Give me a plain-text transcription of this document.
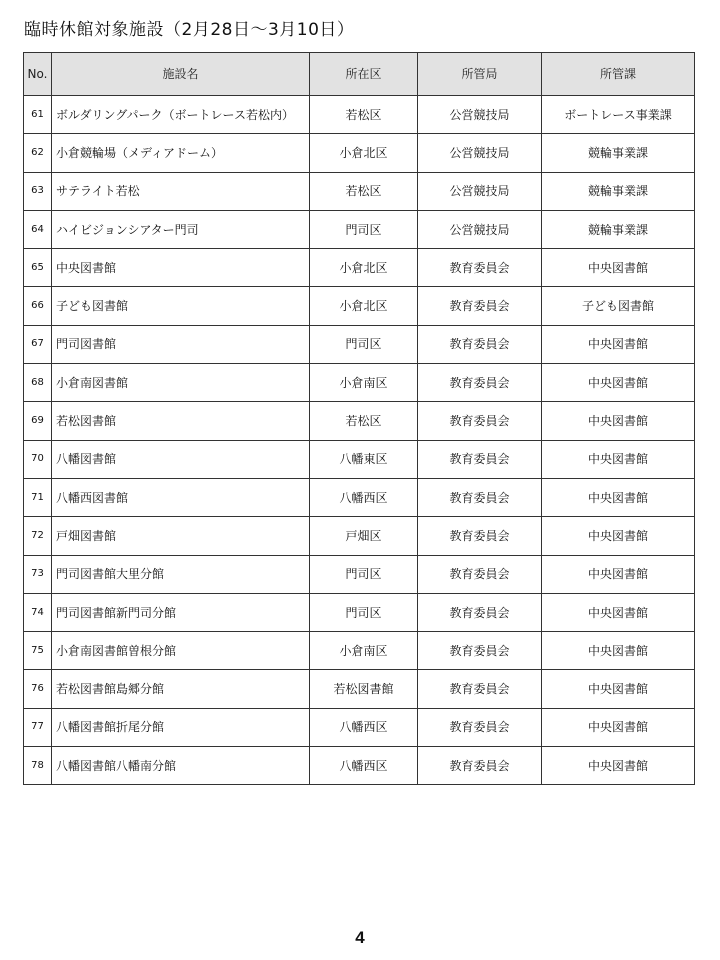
臨時休館対象施設（2月28日～3月10日）
No.	施設名	所在区	所管局	所管課
61	ボルダリングパーク（ボートレース若松内）	若松区	公営競技局	ボートレース事業課
62	小倉競輪場（メディアドーム）	小倉北区	公営競技局	競輪事業課
63	サテライト若松	若松区	公営競技局	競輪事業課
64	ハイビジョンシアター門司	門司区	公営競技局	競輪事業課
65	中央図書館	小倉北区	教育委員会	中央図書館
66	子ども図書館	小倉北区	教育委員会	子ども図書館
67	門司図書館	門司区	教育委員会	中央図書館
68	小倉南図書館	小倉南区	教育委員会	中央図書館
69	若松図書館	若松区	教育委員会	中央図書館
70	八幡図書館	八幡東区	教育委員会	中央図書館
71	八幡西図書館	八幡西区	教育委員会	中央図書館
72	戸畑図書館	戸畑区	教育委員会	中央図書館
73	門司図書館大里分館	門司区	教育委員会	中央図書館
74	門司図書館新門司分館	門司区	教育委員会	中央図書館
75	小倉南図書館曽根分館	小倉南区	教育委員会	中央図書館
76	若松図書館島郷分館	若松図書館	教育委員会	中央図書館
77	八幡図書館折尾分館	八幡西区	教育委員会	中央図書館
78	八幡図書館八幡南分館	八幡西区	教育委員会	中央図書館
4
